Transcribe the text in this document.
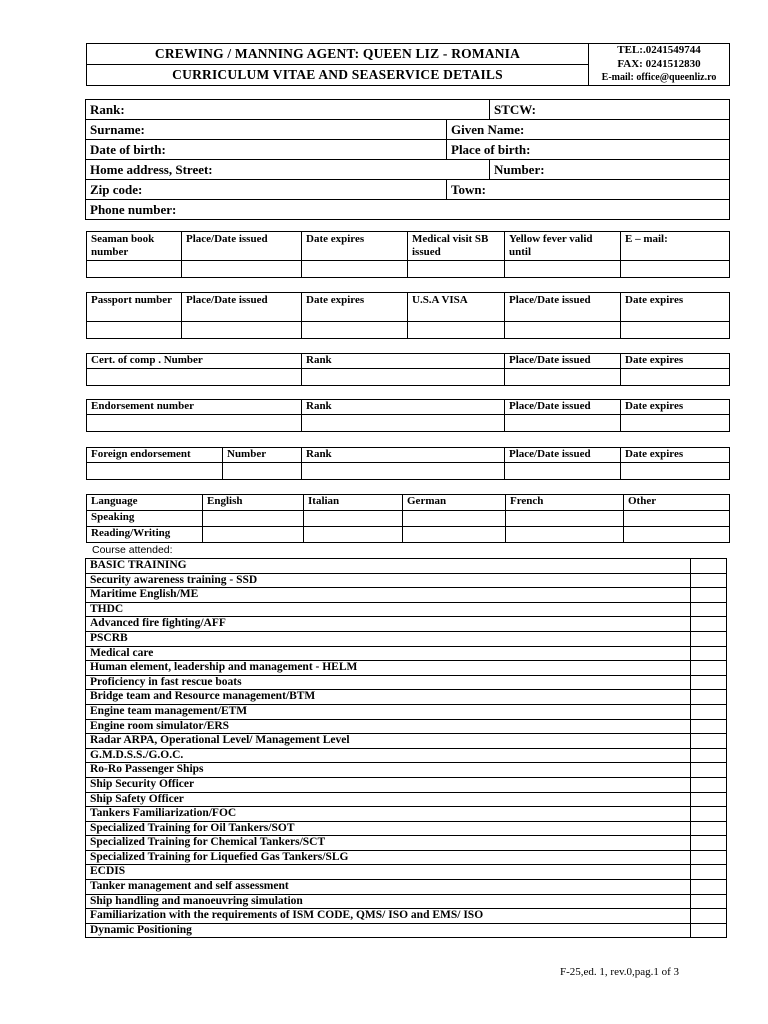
CREWING / MANNING AGENT: QUEEN LIZ - ROMANIA	TEL:.0241549744
FAX: 0241512830
E-mail: office@queenliz.ro

CURRICULUM VITAE AND SEASERVICE DETAILS
Rank:		STCW:
Surname:	Given Name:	
Date of birth:	Place of birth:	
Home address, Street:		Number:
Zip code:	Town:	
Phone number:		
Seaman book number	Place/Date issued	Date expires	Medical visit SB issued	Yellow fever valid until	E – mail:

Passport number	Place/Date issued	Date expires	U.S.A VISA	Place/Date issued	Date expires

Cert. of comp . Number	Rank	Place/Date issued	Date expires

Endorsement number	Rank	Place/Date issued	Date expires

Foreign endorsement	Number	Rank	Place/Date issued	Date expires

Language	English	Italian	German	French	Other
Speaking					
Reading/Writing					
Course attended:
BASIC TRAINING	
Security awareness training - SSD	
Maritime English/ME	
THDC	
Advanced fire fighting/AFF	
PSCRB	
Medical care	
Human element, leadership and management - HELM	
Proficiency in fast rescue boats	
Bridge team and Resource management/BTM	
Engine team management/ETM	
Engine room simulator/ERS	
Radar ARPA, Operational Level/ Management Level	
G.M.D.S.S./G.O.C.	
Ro-Ro Passenger Ships	
Ship Security Officer	
Ship Safety Officer	
Tankers Familiarization/FOC	
Specialized Training for Oil Tankers/SOT	
Specialized Training for Chemical Tankers/SCT	
Specialized Training for Liquefied Gas Tankers/SLG	
ECDIS	
Tanker management and self assessment	
Ship handling and manoeuvring simulation	
Familiarization with the requirements of ISM CODE, QMS/ ISO and EMS/ ISO	
Dynamic Positioning	
F-25,ed. 1, rev.0,pag.1 of 3
